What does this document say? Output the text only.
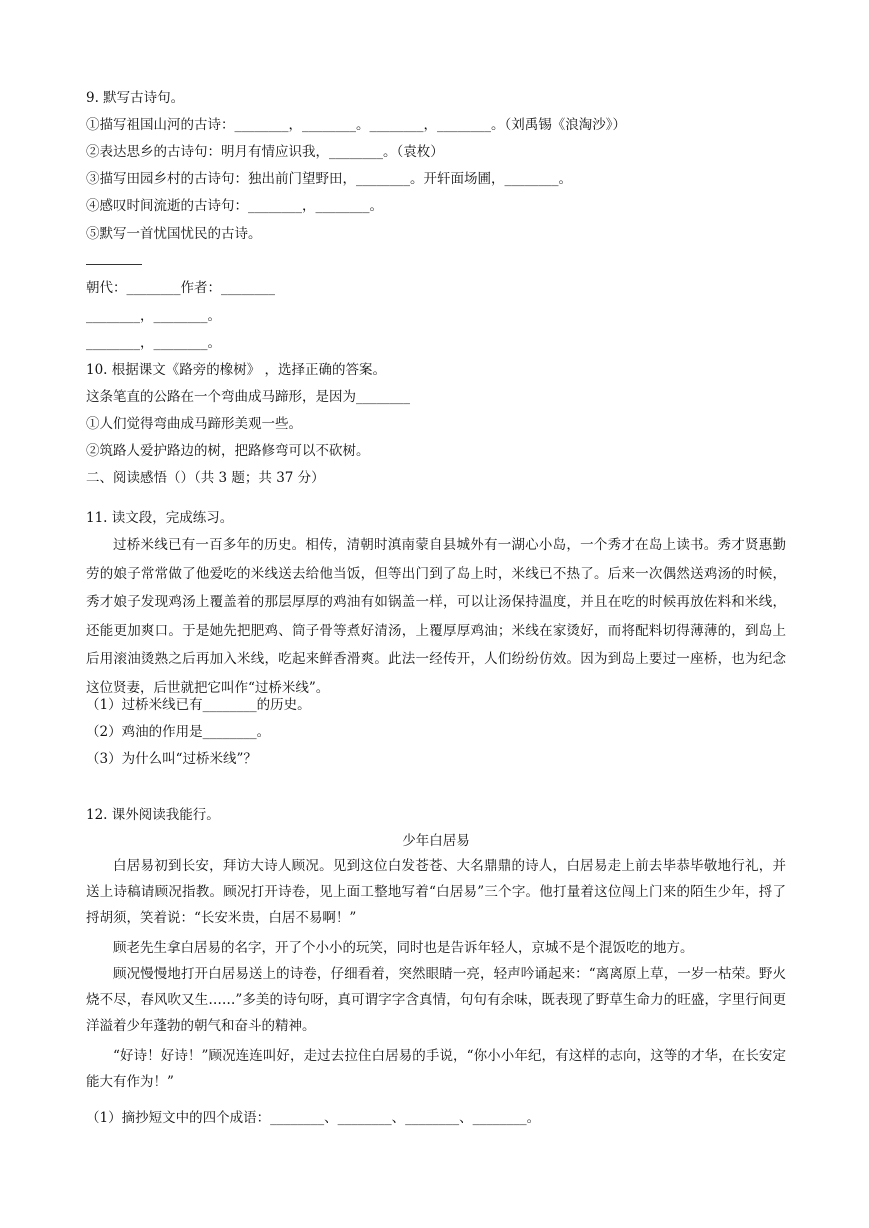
9. 默写古诗句。
①描写祖国山河的古诗：________，________。________，________。（刘禹锡《浪淘沙》）
②表达思乡的古诗句：明月有情应识我，________。（袁枚）
③描写田园乡村的古诗句：独出前门望野田，________。开轩面场圃，________。
④感叹时间流逝的古诗句：________，________。
⑤默写一首忧国忧民的古诗。
朝代：________作者：________
________，________。
________，________。
10. 根据课文《路旁的橡树》 ，选择正确的答案。
这条笔直的公路在一个弯曲成马蹄形，是因为________
①人们觉得弯曲成马蹄形美观一些。
②筑路人爱护路边的树，把路修弯可以不砍树。
二、阅读感悟（）（共 3 题；共 37 分）
11. 读文段，完成练习。
过桥米线已有一百多年的历史。相传，清朝时滇南蒙自县城外有一湖心小岛，一个秀才在岛上读书。秀才贤惠勤劳的娘子常常做了他爱吃的米线送去给他当饭，但等出门到了岛上时，米线已不热了。后来一次偶然送鸡汤的时候，秀才娘子发现鸡汤上覆盖着的那层厚厚的鸡油有如锅盖一样，可以让汤保持温度，并且在吃的时候再放佐料和米线，还能更加爽口。于是她先把肥鸡、筒子骨等煮好清汤，上覆厚厚鸡油；米线在家烫好，而将配料切得薄薄的，到岛上后用滚油烫熟之后再加入米线，吃起来鲜香滑爽。此法一经传开，人们纷纷仿效。因为到岛上要过一座桥，也为纪念这位贤妻，后世就把它叫作“过桥米线”。
（1）过桥米线已有________的历史。
（2）鸡油的作用是________。
（3）为什么叫“过桥米线”？
12. 课外阅读我能行。
少年白居易
白居易初到长安，拜访大诗人顾况。见到这位白发苍苍、大名鼎鼎的诗人，白居易走上前去毕恭毕敬地行礼，并送上诗稿请顾况指教。顾况打开诗卷，见上面工整地写着“白居易”三个字。他打量着这位闯上门来的陌生少年，捋了捋胡须，笑着说：“长安米贵，白居不易啊！”
顾老先生拿白居易的名字，开了个小小的玩笑，同时也是告诉年轻人，京城不是个混饭吃的地方。
顾况慢慢地打开白居易送上的诗卷，仔细看着，突然眼睛一亮，轻声吟诵起来：“离离原上草，一岁一枯荣。野火烧不尽，春风吹又生……”多美的诗句呀，真可谓字字含真情，句句有余味，既表现了野草生命力的旺盛，字里行间更洋溢着少年蓬勃的朝气和奋斗的精神。
“好诗！好诗！”顾况连连叫好，走过去拉住白居易的手说，“你小小年纪，有这样的志向，这等的才华，在长安定能大有作为！”
（1）摘抄短文中的四个成语：________、________、________、________。
